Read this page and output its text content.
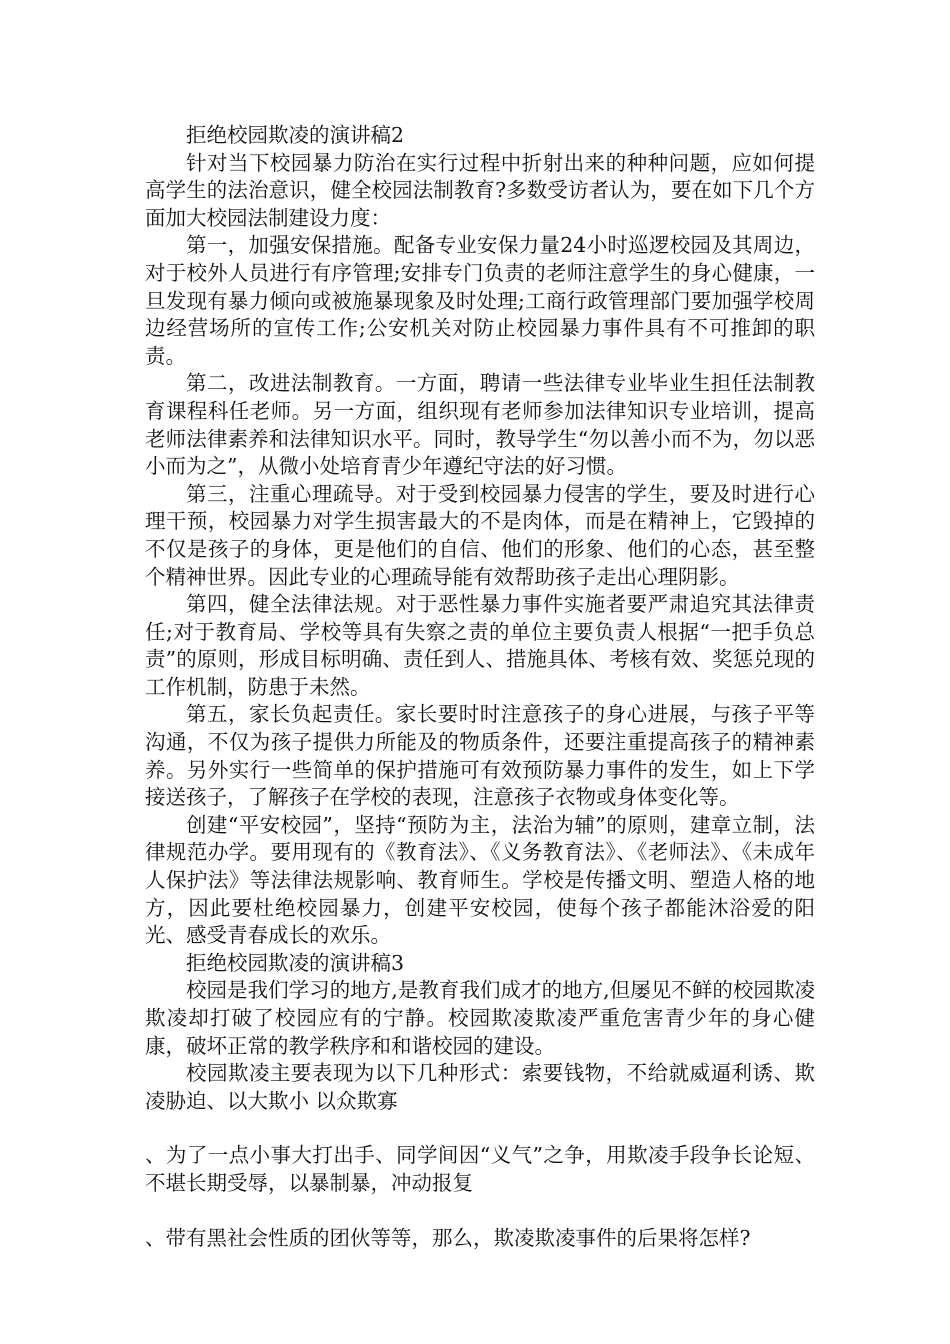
拒绝校园欺凌的演讲稿2

针对当下校园暴力防治在实行过程中折射出来的种种问题，应如何提高学生的法治意识，健全校园法制教育?多数受访者认为，要在如下几个方面加大校园法制建设力度：

第一，加强安保措施。配备专业安保力量24小时巡逻校园及其周边，对于校外人员进行有序管理;安排专门负责的老师注意学生的身心健康，一旦发现有暴力倾向或被施暴现象及时处理;工商行政管理部门要加强学校周边经营场所的宣传工作;公安机关对防止校园暴力事件具有不可推卸的职责。

第二，改进法制教育。一方面，聘请一些法律专业毕业生担任法制教育课程科任老师。另一方面，组织现有老师参加法律知识专业培训，提高老师法律素养和法律知识水平。同时，教导学生“勿以善小而不为，勿以恶小而为之”，从微小处培育青少年遵纪守法的好习惯。

第三，注重心理疏导。对于受到校园暴力侵害的学生，要及时进行心理干预，校园暴力对学生损害最大的不是肉体，而是在精神上，它毁掉的不仅是孩子的身体，更是他们的自信、他们的形象、他们的心态，甚至整个精神世界。因此专业的心理疏导能有效帮助孩子走出心理阴影。

第四，健全法律法规。对于恶性暴力事件实施者要严肃追究其法律责任;对于教育局、学校等具有失察之责的单位主要负责人根据“一把手负总责”的原则，形成目标明确、责任到人、措施具体、考核有效、奖惩兑现的工作机制，防患于未然。

第五，家长负起责任。家长要时时注意孩子的身心进展，与孩子平等沟通，不仅为孩子提供力所能及的物质条件，还要注重提高孩子的精神素养。另外实行一些简单的保护措施可有效预防暴力事件的发生，如上下学接送孩子，了解孩子在学校的表现，注意孩子衣物或身体变化等。

创建“平安校园”，坚持“预防为主，法治为辅”的原则，建章立制，法律规范办学。要用现有的《教育法》、《义务教育法》、《老师法》、《未成年人保护法》等法律法规影响、教育师生。学校是传播文明、塑造人格的地方，因此要杜绝校园暴力，创建平安校园，使每个孩子都能沐浴爱的阳光、感受青春成长的欢乐。

拒绝校园欺凌的演讲稿3

校园是我们学习的地方,是教育我们成才的地方,但屡见不鲜的校园欺凌欺凌却打破了校园应有的宁静。校园欺凌欺凌严重危害青少年的身心健康，破坏正常的教学秩序和和谐校园的建设。

校园欺凌主要表现为以下几种形式：索要钱物，不给就威逼利诱、欺凌胁迫、以大欺小 以众欺寡

、为了一点小事大打出手、同学间因“义气”之争，用欺凌手段争长论短、不堪长期受辱，以暴制暴，冲动报复

、带有黑社会性质的团伙等等，那么，欺凌欺凌事件的后果将怎样?
